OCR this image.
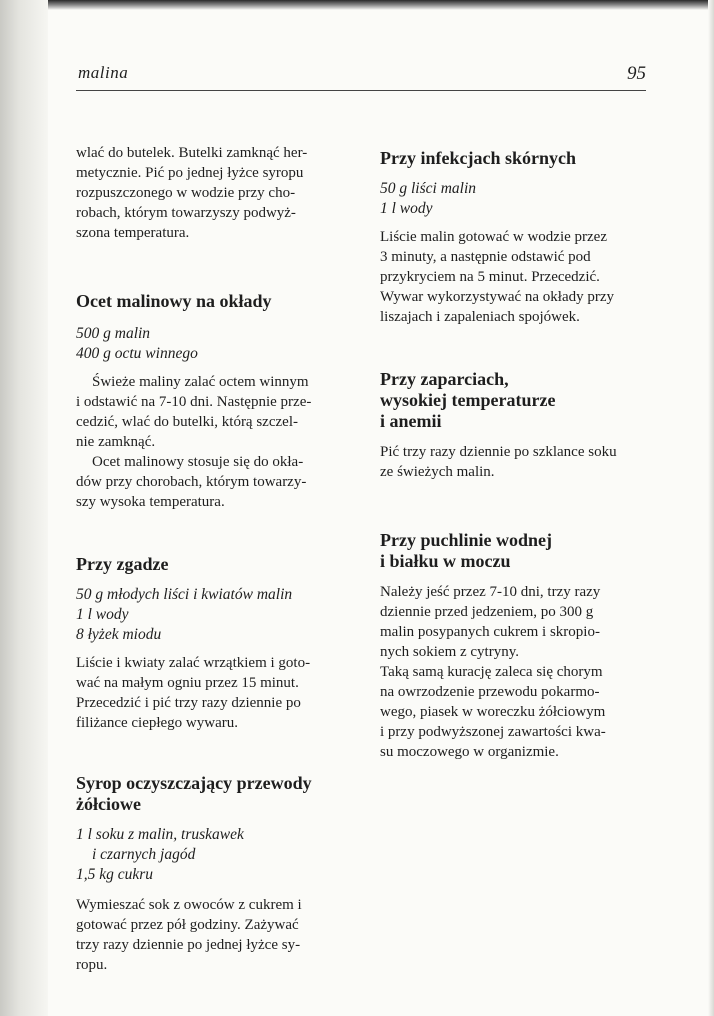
malina	95
wlać do butelek. Butelki zamknąć her-
metycznie. Pić po jednej łyżce syropu
rozpuszczonego w wodzie przy cho-
robach, którym towarzyszy podwyż-
szona temperatura.
Ocet malinowy na okłady
500 g malin
400 g octu winnego
Świeże maliny zalać octem winnym
i odstawić na 7-10 dni. Następnie prze-
cedzić, wlać do butelki, którą szczel-
nie zamknąć.
Ocet malinowy stosuje się do okła-
dów przy chorobach, którym towarzy-
szy wysoka temperatura.
Przy zgadze
50 g młodych liści i kwiatów malin
1 l wody
8 łyżek miodu
Liście i kwiaty zalać wrzątkiem i goto-
wać na małym ogniu przez 15 minut.
Przecedzić i pić trzy razy dziennie po
filiżance ciepłego wywaru.
Syrop oczyszczający przewody
żółciowe
1 l soku z malin, truskawek
i czarnych jagód
1,5 kg cukru
Wymieszać sok z owoców z cukrem i
gotować przez pół godziny. Zażywać
trzy razy dziennie po jednej łyżce sy-
ropu.
Przy infekcjach skórnych
50 g liści malin
1 l wody
Liście malin gotować w wodzie przez
3 minuty, a następnie odstawić pod
przykryciem na 5 minut. Przecedzić.
Wywar wykorzystywać na okłady przy
liszajach i zapaleniach spojówek.
Przy zaparciach,
wysokiej temperaturze
i anemii
Pić trzy razy dziennie po szklance soku
ze świeżych malin.
Przy puchlinie wodnej
i białku w moczu
Należy jeść przez 7-10 dni, trzy razy
dziennie przed jedzeniem, po 300 g
malin posypanych cukrem i skropio-
nych sokiem z cytryny.
Taką samą kurację zaleca się chorym
na owrzodzenie przewodu pokarmo-
wego, piasek w woreczku żółciowym
i przy podwyższonej zawartości kwa-
su moczowego w organizmie.
